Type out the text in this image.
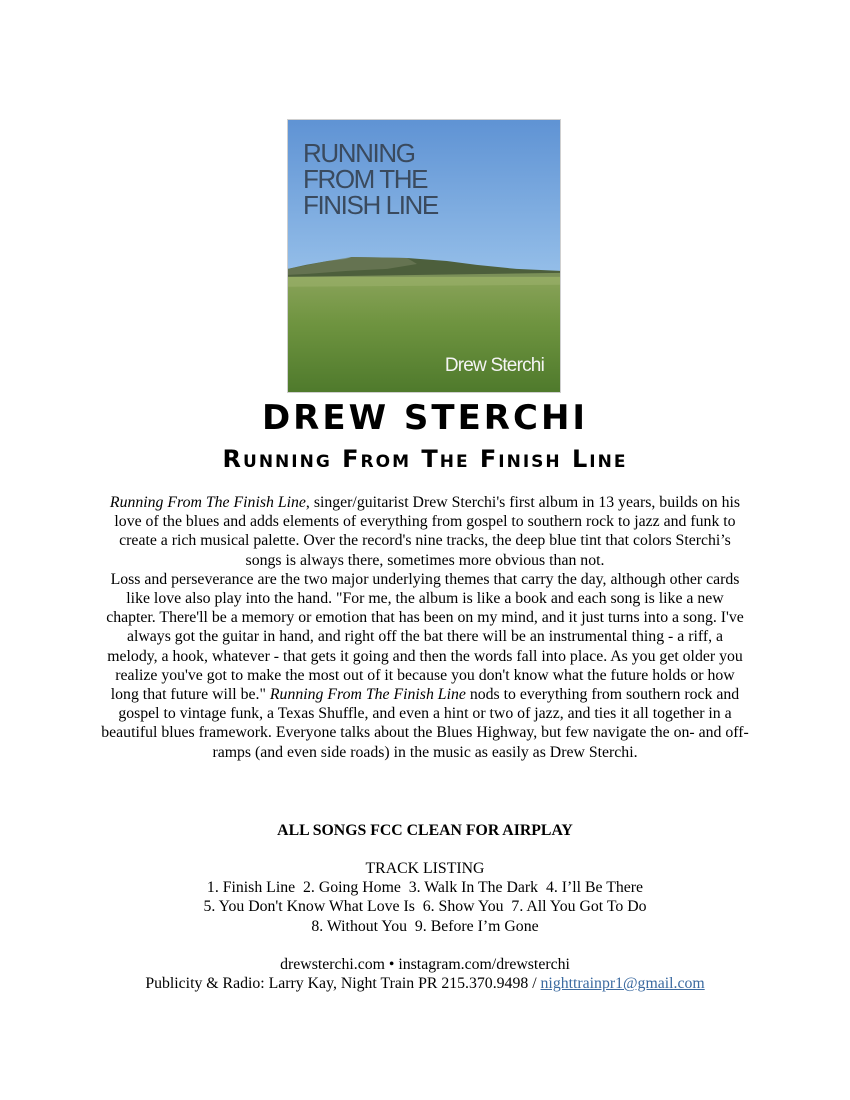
RUNNING
FROM THE
FINISH LINE
Drew Sterchi
DREW STERCHI
Running From The Finish Line

Running From The Finish Line, singer/guitarist Drew Sterchi's first album in 13 years, builds on his love of the blues and adds elements of everything from gospel to southern rock to jazz and funk to create a rich musical palette. Over the record's nine tracks, the deep blue tint that colors Sterchi’s songs is always there, sometimes more obvious than not.

Loss and perseverance are the two major underlying themes that carry the day, although other cards like love also play into the hand. "For me, the album is like a book and each song is like a new chapter. There'll be a memory or emotion that has been on my mind, and it just turns into a song. I've always got the guitar in hand, and right off the bat there will be an instrumental thing - a riff, a melody, a hook, whatever - that gets it going and then the words fall into place. As you get older you realize you've got to make the most out of it because you don't know what the future holds or how long that future will be." Running From The Finish Line nods to everything from southern rock and gospel to vintage funk, a Texas Shuffle, and even a hint or two of jazz, and ties it all together in a beautiful blues framework. Everyone talks about the Blues Highway, but few navigate the on- and off-ramps (and even side roads) in the music as easily as Drew Sterchi.

ALL SONGS FCC CLEAN FOR AIRPLAY
TRACK LISTING
1. Finish Line  2. Going Home  3. Walk In The Dark  4. I’ll Be There
5. You Don't Know What Love Is  6. Show You  7. All You Got To Do
8. Without You  9. Before I’m Gone
drewsterchi.com • instagram.com/drewsterchi
Publicity & Radio: Larry Kay, Night Train PR 215.370.9498 / nighttrainpr1@gmail.com
